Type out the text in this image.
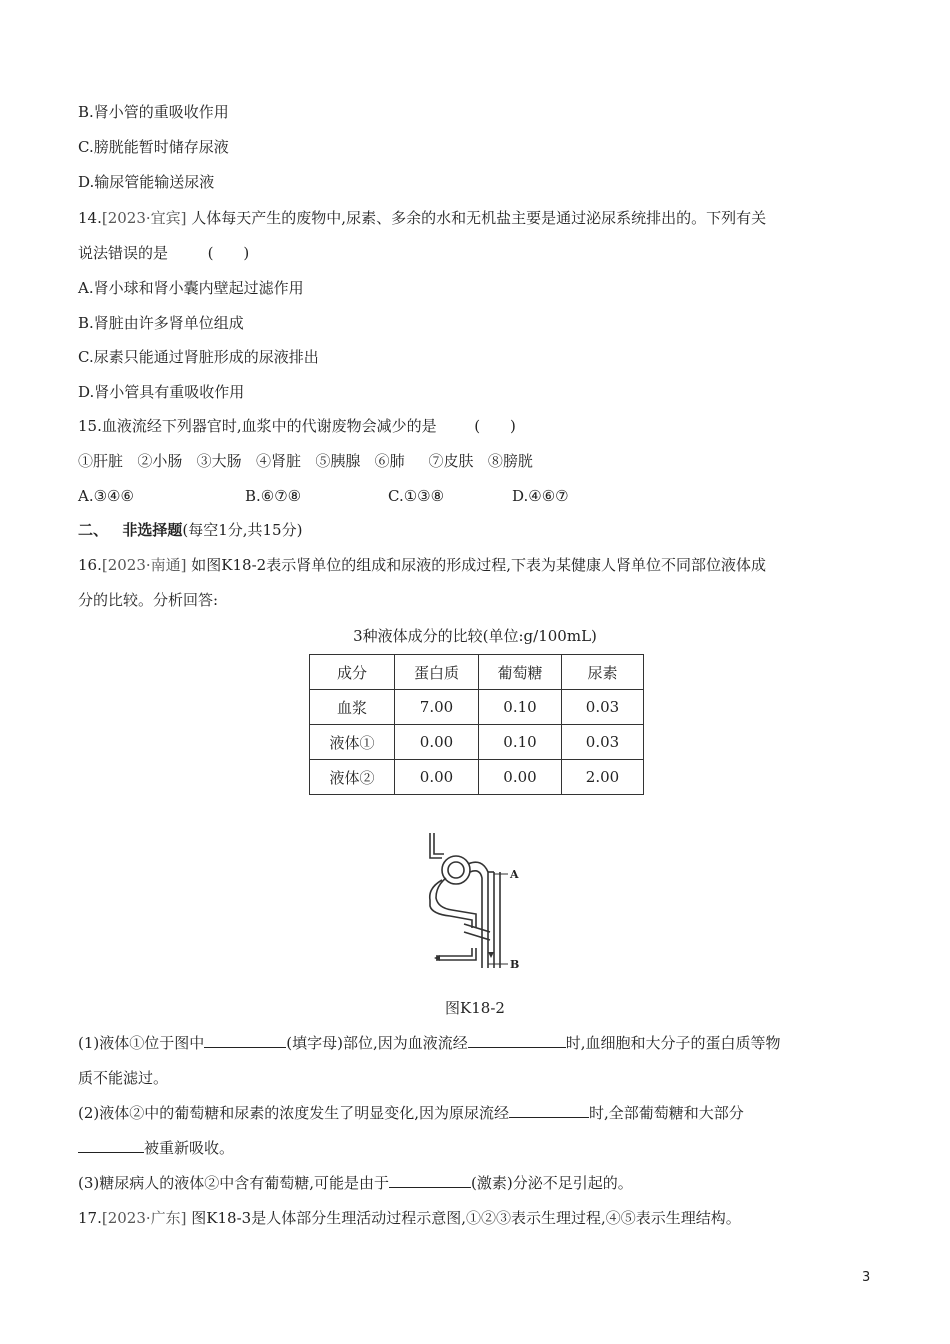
B.肾小管的重吸收作用
C.膀胱能暂时储存尿液
D.输尿管能输送尿液
14.[2023·宜宾] 人体每天产生的废物中,尿素、多余的水和无机盐主要是通过泌尿系统排出的。下列有关
说法错误的是	(　　)
A.肾小球和肾小囊内壁起过滤作用
B.肾脏由许多肾单位组成
C.尿素只能通过肾脏形成的尿液排出
D.肾小管具有重吸收作用
15.血液流经下列器官时,血浆中的代谢废物会减少的是	(　　)
①肝脏 ②小肠 ③大肠 ④肾脏 ⑤胰腺 ⑥肺 ⑦皮肤 ⑧膀胱
A.③④⑥	B.⑥⑦⑧	C.①③⑧	D.④⑥⑦
二、 非选择题(每空1分,共15分)
16.[2023·南通] 如图K18-2表示肾单位的组成和尿液的形成过程,下表为某健康人肾单位不同部位液体成
分的比较。分析回答:
3种液体成分的比较(单位:g/100mL)
成分	蛋白质	葡萄糖	尿素
血浆	7.00	0.10	0.03
液体①	0.00	0.10	0.03
液体②	0.00	0.00	2.00
A
B
图K18-2
(1)液体①位于图中	(填字母)部位,因为血液流经	时,血细胞和大分子的蛋白质等物
质不能滤过。
(2)液体②中的葡萄糖和尿素的浓度发生了明显变化,因为原尿流经	时,全部葡萄糖和大部分
被重新吸收。
(3)糖尿病人的液体②中含有葡萄糖,可能是由于	(激素)分泌不足引起的。
17.[2023·广东] 图K18-3是人体部分生理活动过程示意图,①②③表示生理过程,④⑤表示生理结构。
3
